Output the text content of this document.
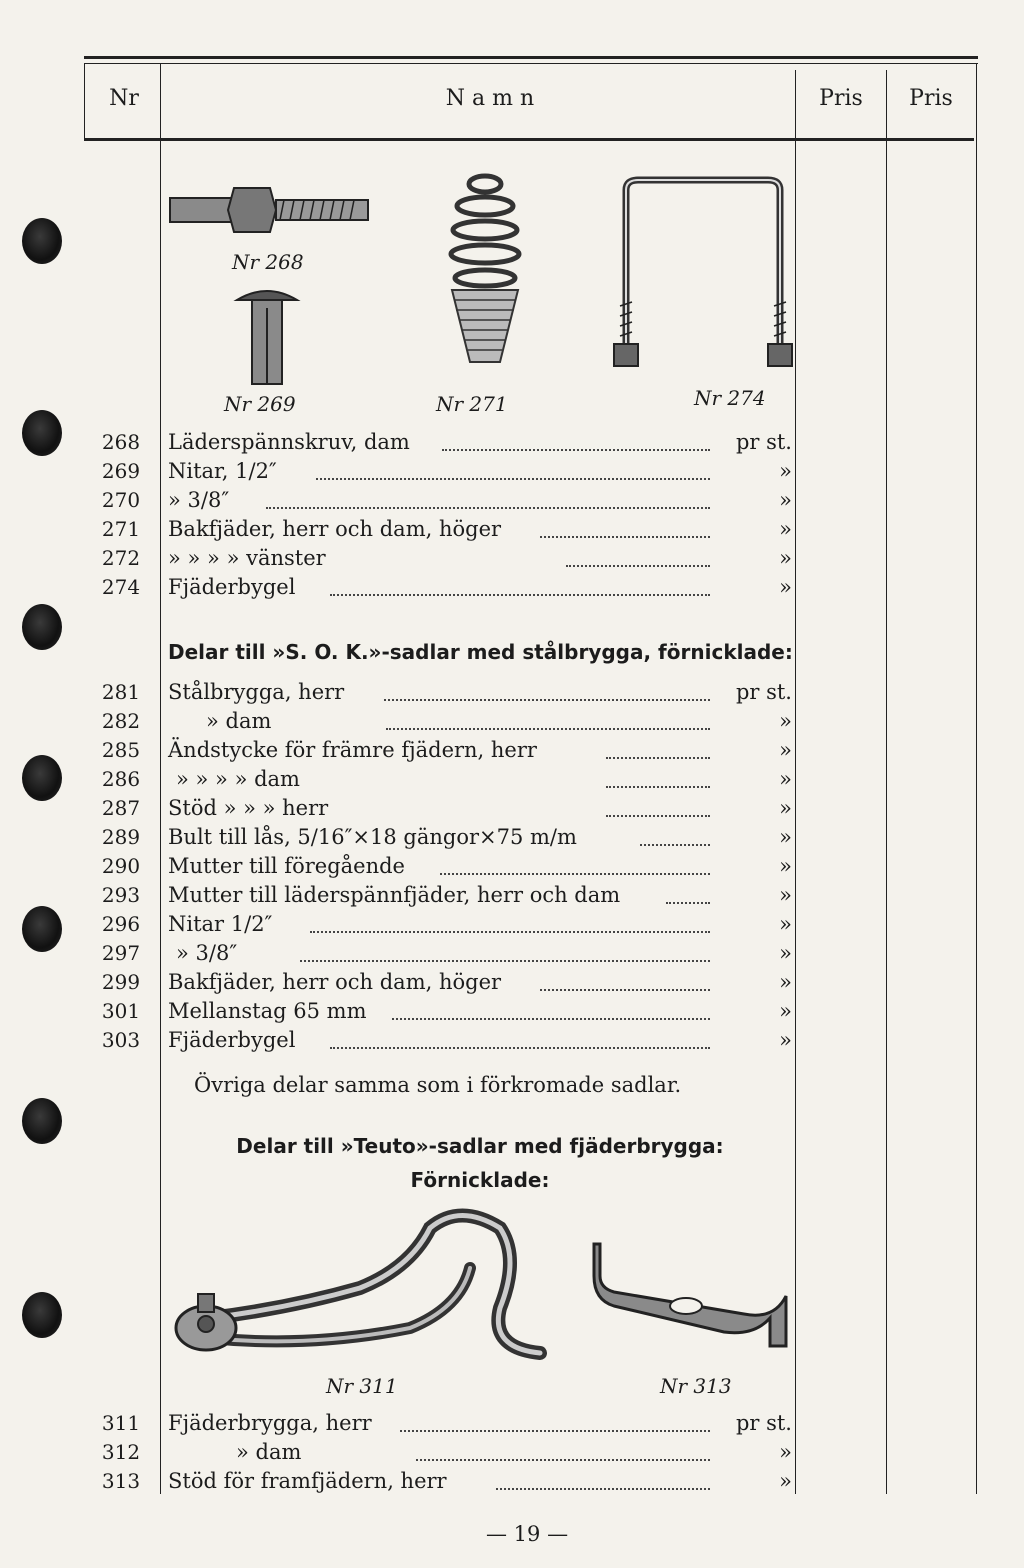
Nr	N a m n	Pris	Pris
Nr 268
Nr 269	Nr 271	Nr 274
268 Läderspännskruv, dam	pr st.
269 Nitar, 1/2″	»
270 » 3/8″	»
271 Bakfjäder, herr och dam, höger	»
272 » » » » vänster	»
274 Fjäderbygel	»
Delar till »S. O. K.»-sadlar med stålbrygga, förnicklade:
281 Stålbrygga, herr	pr st.
282	» dam	»
285 Ändstycke för främre fjädern, herr	»
286 » » » » dam	»
287 Stöd » » » herr	»
289 Bult till lås, 5/16″×18 gängor×75 m/m	»
290 Mutter till föregående	»
293 Mutter till läderspännfjäder, herr och dam	»
296 Nitar 1/2″	»
297 » 3/8″	»
299 Bakfjäder, herr och dam, höger	»
301 Mellanstag 65 mm	»
303 Fjäderbygel	»
Övriga delar samma som i förkromade sadlar.
Delar till »Teuto»-sadlar med fjäderbrygga:
Förnicklade:
Nr 311	Nr 313
311 Fjäderbrygga, herr	pr st.
312	» dam	»
313 Stöd för framfjädern, herr	»
— 19 —
